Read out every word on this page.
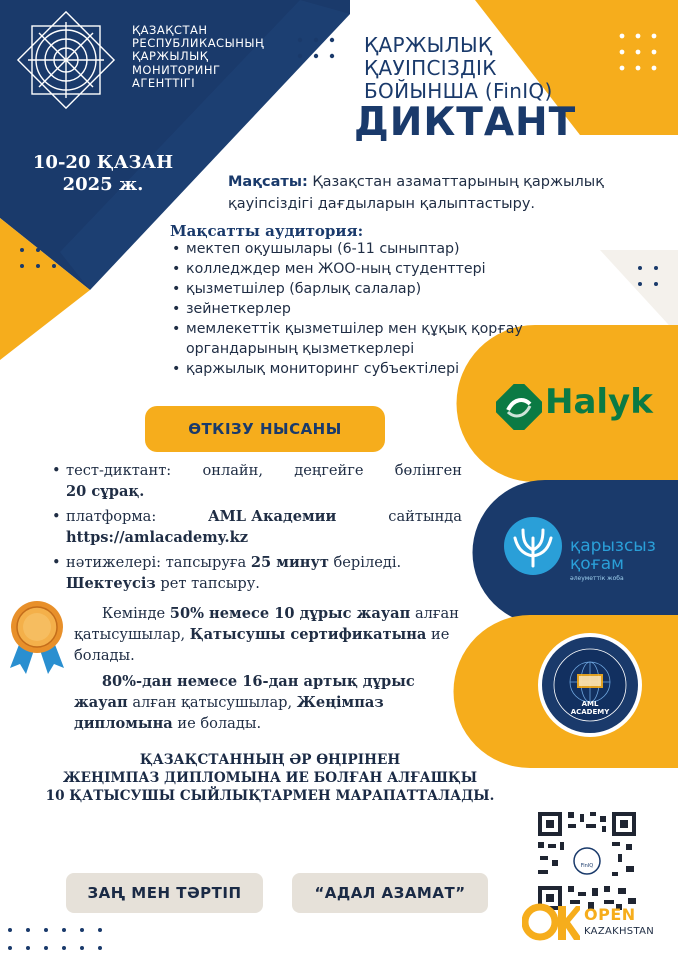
ҚАЗАҚСТАН
РЕСПУБЛИКАСЫНЫҢ
ҚАРЖЫЛЫҚ
МОНИТОРИНГ
АГЕНТТІГІ
10-20 ҚАЗАН
2025 ж.
ҚАРЖЫЛЫҚ
ҚАУІПСІЗДІК
БОЙЫНША (FinIQ)
ДИКТАНТ
Мақсаты: Қазақстан азаматтарының қаржылық қауіпсіздігі дағдыларын қалыптастыру.
Мақсатты аудитория:
• мектеп оқушылары (6-11 сыныптар)
• колледждер мен ЖОО-ның студенттері
• қызметшілер (барлық салалар)
• зейнеткерлер
• мемлекеттік қызметшілер мен құқық қорғау органдарының қызметкерлері
• қаржылық мониторинг субъектілері
ӨТКІЗУ НЫСАНЫ
• тест-диктант: онлайн, деңгейге бөлінген
20 сұрақ.
• платформа:	AML Академии	сайтында
https://amlacademy.kz
• нәтижелері: тапсыруға 25 минут беріледі.
Шектеусіз рет тапсыру.

Кемінде 50% немесе 10 дұрыс жауап алған қатысушылар, Қатысушы сертификатына ие болады.

80%-дан немесе 16-дан артық дұрыс жауап алған қатысушылар, Жеңімпаз дипломына ие болады.

ҚАЗАҚСТАННЫҢ ӘР ӨҢІРІНЕН
ЖЕҢІМПАЗ ДИПЛОМЫНА ИЕ БОЛҒАН АЛҒАШҚЫ
10 ҚАТЫСУШЫ СЫЙЛЫҚТАРМЕН МАРАПАТТАЛАДЫ.
ЗАҢ МЕН ТӘРТІП	“АДАЛ АЗАМАТ”
Halyk
қарызсыз
қоғам
әлеуметтік жоба
AML ACADEMY
FinIQ
OPEN
KAZAKHSTAN
